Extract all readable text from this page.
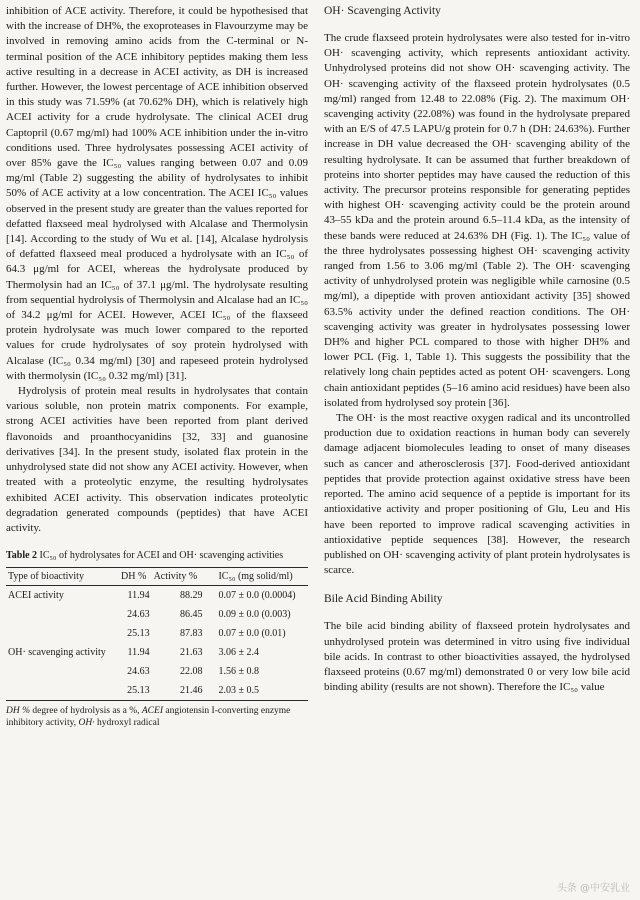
inhibition of ACE activity. Therefore, it could be hypothesised that with the increase of DH%, the exoproteases in Flavourzyme may be involved in removing amino acids from the C-terminal or N-terminal position of the ACE inhibitory peptides making them less active resulting in a decrease in ACEI activity, as DH is increased further. However, the lowest percentage of ACE inhibition observed in this study was 71.59% (at 70.62% DH), which is relatively high ACEI activity for a crude hydrolysate. The clinical ACEI drug Captopril (0.67 mg/ml) had 100% ACE inhibition under the in-vitro conditions used. Three hydrolysates possessing ACEI activity of over 85% gave the IC₅₀ values ranging between 0.07 and 0.09 mg/ml (Table 2) suggesting the ability of hydrolysates to inhibit 50% of ACE activity at a low concentration. The ACEI IC₅₀ values observed in the present study are greater than the values reported for defatted flaxseed meal hydrolysed with Alcalase and Thermolysin [14]. According to the study of Wu et al. [14], Alcalase hydrolysis of defatted flaxseed meal produced a hydrolysate with an IC₅₀ of 64.3 μg/ml for ACEI, whereas the hydrolysate produced by Thermolysin had an IC₅₀ of 37.1 μg/ml. The hydrolysate resulting from sequential hydrolysis of Thermolysin and Alcalase had an IC₅₀ of 34.2 μg/ml for ACEI. However, ACEI IC₅₀ of the flaxseed protein hydrolysate was much lower compared to the reported values for crude hydrolysates of soy protein hydrolysed with Alcalase (IC₅₀ 0.34 mg/ml) [30] and rapeseed protein hydrolysed with thermolysin (IC₅₀ 0.32 mg/ml) [31].

Hydrolysis of protein meal results in hydrolysates that contain various soluble, non protein matrix components. For example, strong ACEI activities have been reported from plant derived flavonoids and proanthocyanidins [32, 33] and guanosine derivatives [34]. In the present study, isolated flax protein in the unhydrolysed state did not show any ACEI activity. However, when treated with a proteolytic enzyme, the resulting hydrolysates exhibited ACEI activity. This observation indicates proteolytic degradation generated compounds (peptides) that have ACEI activity.

Table 2 IC₅₀ of hydrolysates for ACEI and OH· scavenging activities
Type of bioactivity	DH %	Activity %	IC₅₀ (mg solid/ml)
ACEI activity	11.94	88.29	0.07 ± 0.0 (0.0004)
	24.63	86.45	0.09 ± 0.0 (0.003)
	25.13	87.83	0.07 ± 0.0 (0.01)
OH· scavenging activity	11.94	21.63	3.06 ± 2.4
	24.63	22.08	1.56 ± 0.8
	25.13	21.46	2.03 ± 0.5
DH % degree of hydrolysis as a %, ACEI angiotensin I-converting enzyme inhibitory activity, OH· hydroxyl radical
OH· Scavenging Activity

The crude flaxseed protein hydrolysates were also tested for in-vitro OH· scavenging activity, which represents antioxidant activity. Unhydrolysed proteins did not show OH· scavenging activity. The OH· scavenging activity of the flaxseed protein hydrolysates (0.5 mg/ml) ranged from 12.48 to 22.08% (Fig. 2). The maximum OH· scavenging activity (22.08%) was found in the hydrolysate prepared with an E/S of 47.5 LAPU/g protein for 0.7 h (DH: 24.63%). Further increase in DH value decreased the OH· scavenging ability of the resulting hydrolysate. It can be assumed that further breakdown of proteins into shorter peptides may have caused the reduction of this activity. The precursor proteins responsible for generating peptides with highest OH· scavenging activity could be the protein around 43–55 kDa and the protein around 6.5–11.4 kDa, as the intensity of these bands were reduced at 24.63% DH (Fig. 1). The IC₅₀ value of the three hydrolysates possessing highest OH· scavenging activity ranged from 1.56 to 3.06 mg/ml (Table 2). The OH· scavenging activity of unhydrolysed protein was negligible while carnosine (0.5 mg/ml), a dipeptide with proven antioxidant activity [35] showed 63.5% activity under the defined reaction conditions. The OH· scavenging activity was greater in hydrolysates possessing lower DH% and higher PCL compared to those with higher DH% and lower PCL (Fig. 1, Table 1). This suggests the possibility that the relatively long chain peptides acted as potent OH· scavengers. Long chain antioxidant peptides (5–16 amino acid residues) have been also isolated from hydrolysed soy protein [36].

The OH· is the most reactive oxygen radical and its uncontrolled production due to oxidation reactions in human body can severely damage adjacent biomolecules leading to onset of many diseases such as cancer and atherosclerosis [37]. Food-derived antioxidant peptides that provide protection against oxidative stress have been reported. The amino acid sequence of a peptide is important for its antioxidative activity and proper positioning of Glu, Leu and His have been reported to improve radical scavenging activities in antioxidative peptide sequences [38]. However, the research published on OH· scavenging activity of plant protein hydrolysates is scarce.

Bile Acid Binding Ability

The bile acid binding ability of flaxseed protein hydrolysates and unhydrolysed protein was determined in vitro using five individual bile acids. In contrast to other bioactivities assayed, the hydrolysed flaxseed proteins (0.67 mg/ml) demonstrated 0 or very low bile acid binding ability (results are not shown). Therefore the IC₅₀ value

头条 @中安乳业
